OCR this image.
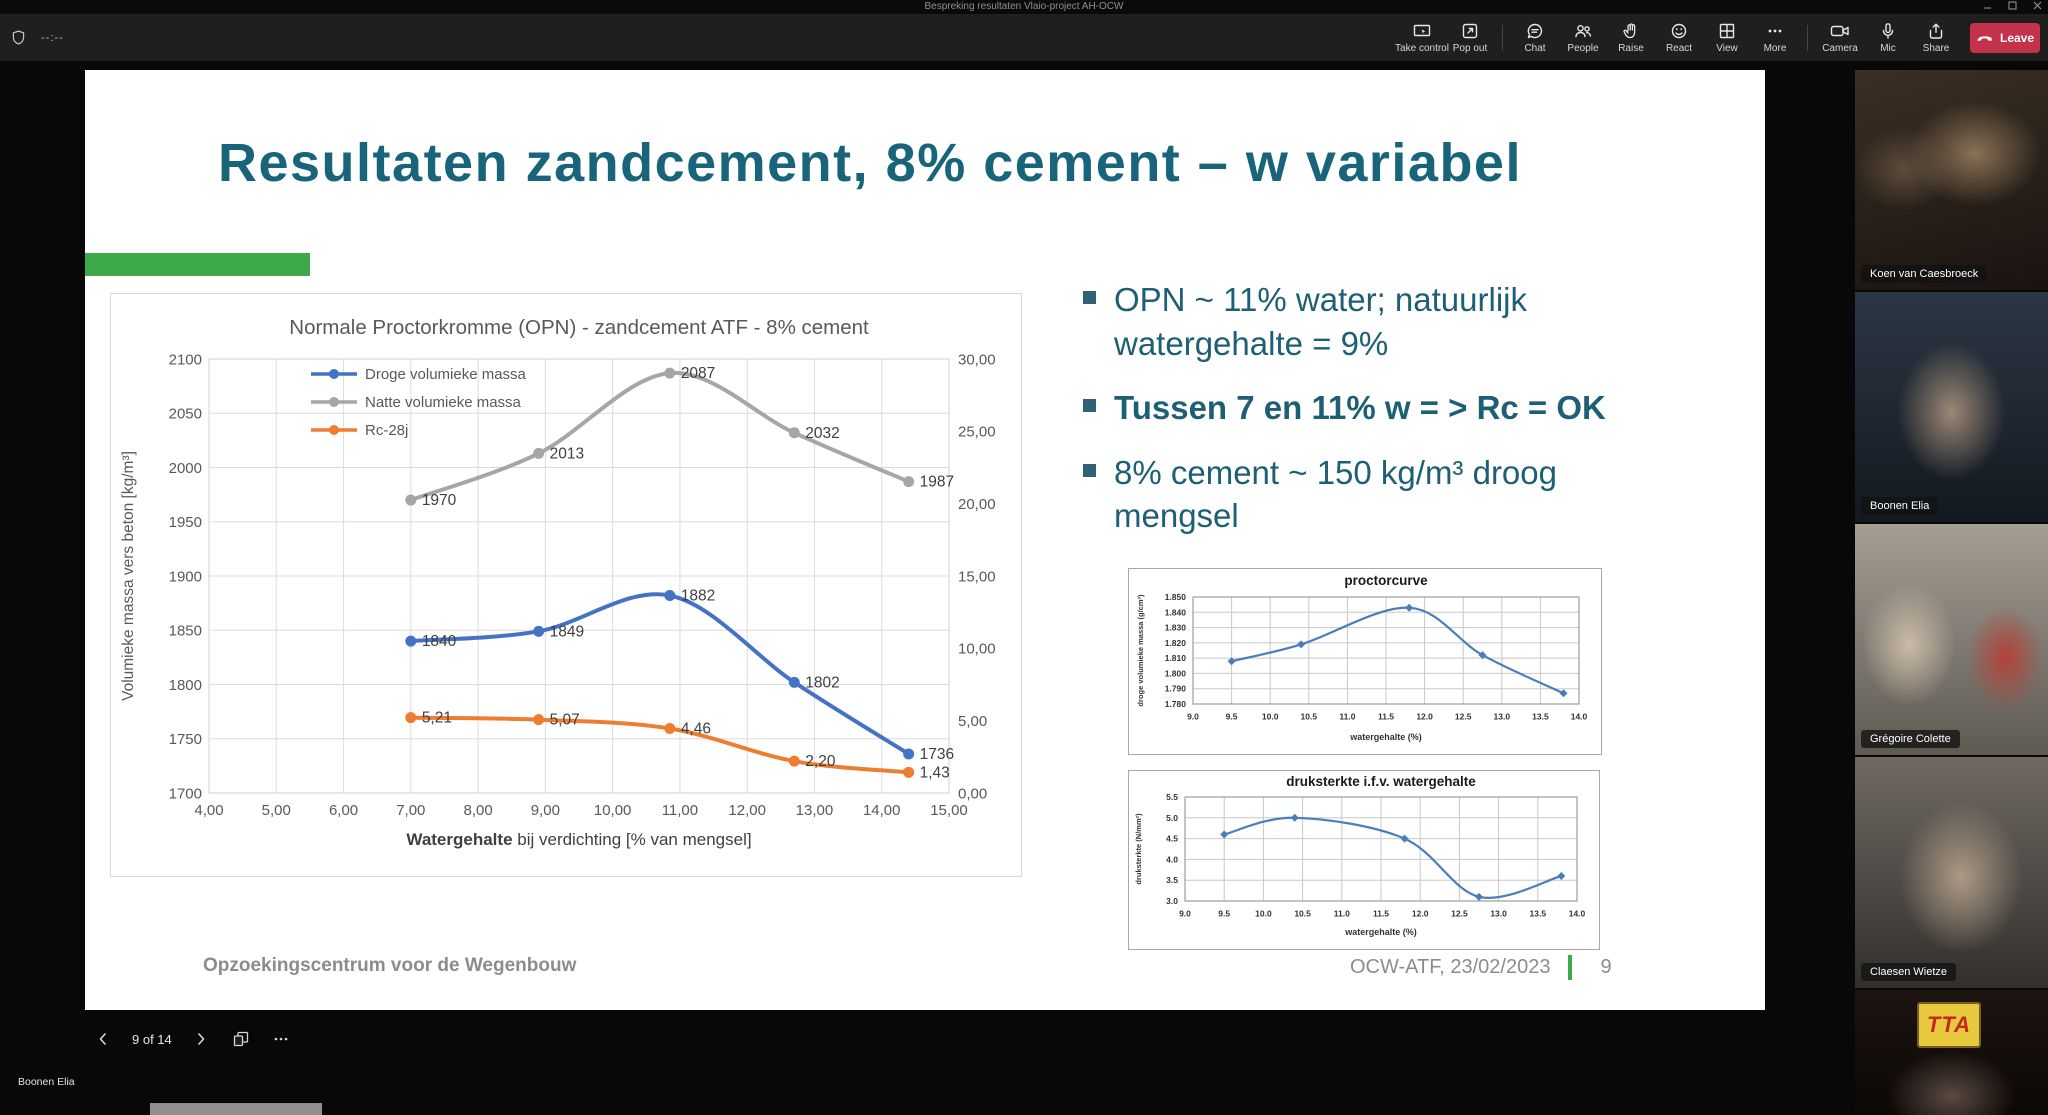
Bespreking resultaten Vlaio-project AH-OCW
--:--
Take control Pop out	Chat People Raise React View	More	Camera Mic	Share
Leave
Resultaten zandcement, 8% cement – w variabel
4,00	5,00	6,00	7,00	8,00	9,00 10,00 11,00 12,00 13,00 14,00 15,00
1700
1750
1800
1850
1900
1950
2000
2050
2100
0,00
5,00
10,00
15,00
20,00
25,00
30,00
1840
1849
1882
1802
1736
1970
2013
2087
2032
1987
5,21	5,07
4,46
2,20
1,43
Droge volumieke massa
Natte volumieke massa
Rc-28j
Normale Proctorkromme (OPN) - zandcement ATF - 8% cement
Watergehalte bij verdichting [% van mengsel]
Volumieke massa vers beton [kg/m³]
OPN ~ 11% water; natuurlijk
watergehalte = 9%
Tussen 7 en 11% w = > Rc = OK
8% cement ~ 150 kg/m³ droog
mengsel
9.0	9.5	10.0	10.5	11.0	11.5	12.0	12.5	13.0	13.5	14.0
1.780
1.790
1.800
1.810
1.820
1.830
1.840
1.850
proctorcurve
watergehalte (%)
droge volumieke massa (g/cm³)
9.0	9.5	10.0	10.5	11.0	11.5	12.0	12.5	13.0	13.5	14.0
3.0
3.5
4.0
4.5
5.0
5.5
druksterkte i.f.v. watergehalte
watergehalte (%)
druksterkte (N/mm²)
Opzoekingscentrum voor de Wegenbouw	OCW-ATF, 23/02/2023	9
Koen van Caesbroeck
Boonen Elia
Grégoire Colette
Claesen Wietze
TTA
9 of 14
Boonen Elia
